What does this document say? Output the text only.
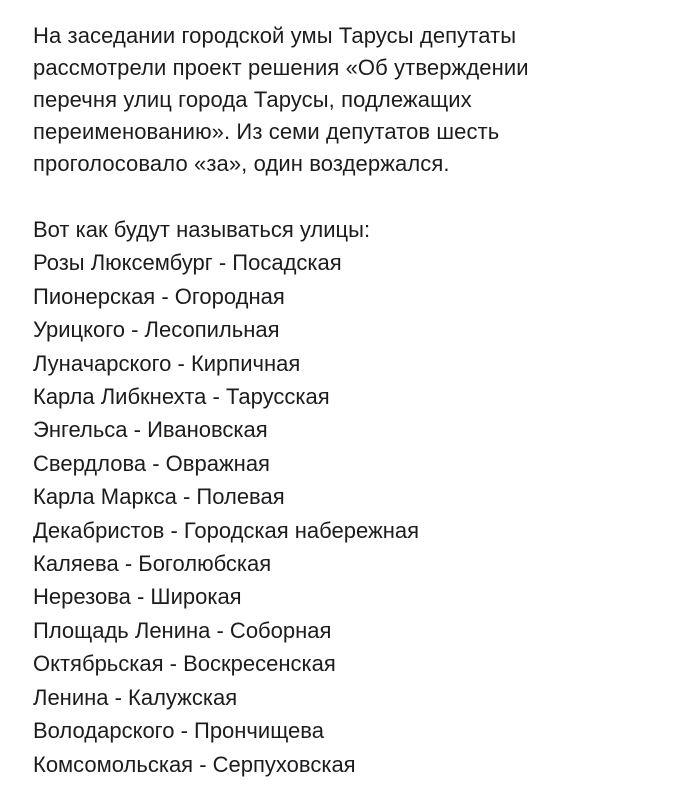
На заседании городской умы Тарусы депутаты
рассмотрели проект решения «Об утверждении
перечня улиц города Тарусы, подлежащих
переименованию». Из семи депутатов шесть
проголосовало «за», один воздержался.

Вот как будут называться улицы:
Розы Люксембург - Посадская
Пионерская - Огородная
Урицкого - Лесопильная
Луначарского - Кирпичная
Карла Либкнехта - Тарусская
Энгельса - Ивановская
Свердлова - Овражная
Карла Маркса - Полевая
Декабристов - Городская набережная
Каляева - Боголюбская
Нерезова - Широкая
Площадь Ленина - Соборная
Октябрьская - Воскресенская
Ленина - Калужская
Володарского - Прончищева
Комсомольская - Серпуховская
